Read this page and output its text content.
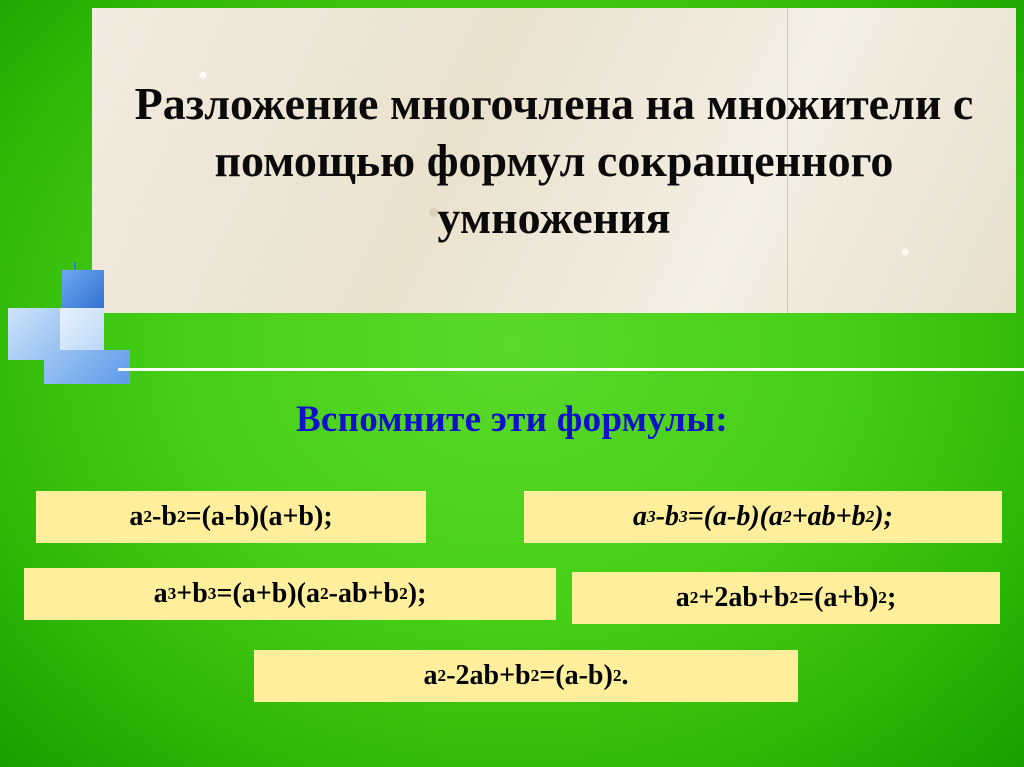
Разложение многочлена на множители с помощью формул сокращенного умножения
Вспомните эти формулы:
a 2 -b 2 =(a-b)(a+b);	a 3 -b 3 =(a-b)(a 2 +ab+b 2 );
a 3 +b 3 =(a+b)(a 2 -ab+b 2 );	a 2 +2ab+b 2 =(a+b) 2 ;
a 2 -2ab+b 2 =(a-b) 2 .
